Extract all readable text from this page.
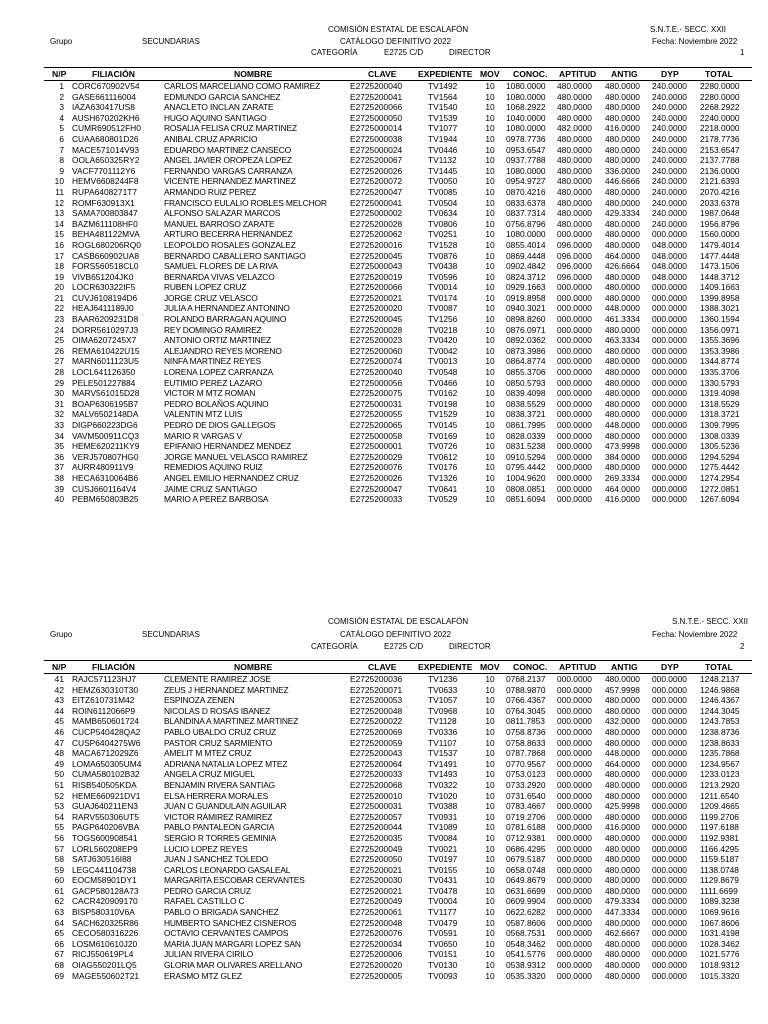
COMISIÓN ESTATAL DE ESCALAFÓN	S.N.T.E.- SECC. XXII
Grupo	SECUNDARIAS	CATÁLOGO DEFINITIVO 2022	Fecha: Noviembre 2022
CATEGORÍA	E2725 C/D	DIRECTOR	1
N/P	FILIACIÓN	NOMBRE	CLAVE	EXPEDIENTE MOV CONOC. APTITUD ANTIG	DYP	TOTAL
1 CORC670902V54	CARLOS MARCELIANO COMO RAMIREZ	E2725200040	TV1492	10 1080.0000	480.0000	480.0000	240.0000	2280.0000
2 GASE661116004	EDMUNDO GARCIA SANCHEZ	E2725200041	TV1564	10 1080.0000	480.0000	480.0000	240.0000	2280.0000
3 IAZA630417US8	ANACLETO INCLAN ZARATE	E2725200066	TV1540	10 1068.2922	480.0000	480.0000	240.0000	2268.2922
4 AUSH670202KH6	HUGO AQUINO SANTIAGO	E2725000050	TV1539	10 1040.0000	480.0000	480.0000	240.0000	2240.0000
5 CUMR690512FH0	ROSALIA FELISA CRUZ MARTINEZ	E2725000014	TV1077	10 1080.0000	482.0000	416.0000	240.0000	2218.0000
6 CUAA680801D26	ANIBAL CRUZ APARICIO	E2725000038	TV1944	10 0978.7736	480.0000	480.0000	240.0000	2178.7736
7 MACE571014V93	EDUARDO MARTINEZ CANSECO	E2725000024	TV0446	10 0953.6547	480.0000	480.0000	240.0000	2153.6547
8 OOLA650325RY2	ANGEL JAVIER OROPEZA LOPEZ	E2725200067	TV1132	10 0937.7788	480.0000	480.0000	240.0000	2137.7788
9 VACF7701112Y6	FERNANDO VARGAS CARRANZA	E2725200026	TV1445	10 1080.0000	480.0000	336.0000	240.0000	2136.0000
10 HEMV6608244F8	VICENTE HERNANDEZ MARTINEZ	E2725200072	TV0050	10 0954.9727	480.0000	446.6666	240.0000	2121.6393
11 RUPA6408271T7	ARMANDO RUIZ PEREZ	E2725200047	TV0085	10 0870.4216	480.0000	480.0000	240.0000	2070.4216
12 ROMF630913X1	FRANCISCO EULALIO ROBLES MELCHOR	E2725000041	TV0504	10 0833.6378	480.0000	480.0000	240.0000	2033.6378
13 SAMA700803847	ALFONSO SALAZAR MARCOS	E2725000002	TV0634	10 0837.7314	480.0000	429.3334	240.0000	1987.0648
14 BAZM611108HF0	MANUEL BARROSO ZARATE	E2725200028	TV0806	10 0756.8796	480.0000	480.0000	240.0000	1956.8796
15 BEHA481122MVA	ARTURO BECERRA HERNANDEZ	E2725200062	TV0251	10 1080.0000	000.0000	480.0000	000.0000	1560.0000
16 ROGL680206RQ0	LEOPOLDO ROSALES GONZALEZ	E2725200016	TV1528	10 0855.4014	096.0000	480.0000	048.0000	1479.4014
17 CASB660902UA8	BERNARDO CABALLERO SANTIAGO	E2725200045	TV0876	10 0869.4448	096.0000	464.0000	048.0000	1477.4448
18 FORS560518CL0	SAMUEL FLORES DE LA RIVA	E2725000043	TV0438	10 0902.4842	096.0000	426.6664	048.0000	1473.1506
19 VIVB651204JK0	BERNARDA VIVAS VELAZCO	E2725200019	TV0596	10 0824.3712	096.0000	480.0000	048.0000	1448.3712
20 LOCR630322IF5	RUBEN LOPEZ CRUZ	E2725200066	TV0014	10 0929.1663	000.0000	480.0000	000.0000	1409.1663
21 CUVJ6108194D6	JORGE CRUZ VELASCO	E2725200021	TV0174	10 0919.8958	000.0000	480.0000	000.0000	1399.8958
22 HEAJ6411189J0	JULIA A HERNANDEZ ANTONINO	E2725200020	TV0087	10 0940.3021	000.0000	448.0000	000.0000	1388.3021
23 BAAR6209231D8	ROLANDO BARRAGAN AQUINO	E2725200045	TV1256	10 0898.8260	000.0000	461.3334	000.0000	1360.1594
24 DORR5610297J3	REY DOMINGO RAMIREZ	E2725200028	TV0218	10 0876.0971	000.0000	480.0000	000.0000	1356.0971
25 OIMA6207245X7	ANTONIO ORTIZ MARTINEZ	E2725200023	TV0420	10 0892.0362	000.0000	463.3334	000.0000	1355.3696
26 REMA610422U15	ALEJANDRO REYES MORENO	E2725200060	TV0042	10 0873.3986	000.0000	480.0000	000.0000	1353.3986
27 MARN6011123U5	NINFA MARTINEZ REYES	E2725200074	TV0013	10 0864.8774	000.0000	480.0000	000.0000	1344.8774
28 LOCL641126350	LORENA LOPEZ CARRANZA	E2725200040	TV0548	10 0855.3706	000.0000	480.0000	000.0000	1335.3706
29 PELE501227884	EUTIMIO PEREZ LAZARO	E2725000056	TV0466	10 0850.5793	000.0000	480.0000	000.0000	1330.5793
30 MARV561015D28	VICTOR M MTZ ROMAN	E2725200075	TV0162	10 0839.4098	000.0000	480.0000	000.0000	1319.4098
31 BOAP6306195B7	PEDRO BOLAÑOS AQUINO	E2725000031	TV0198	10 0838.5529	000.0000	480.0000	000.0000	1318.5529
32 MALV6502148DA	VALENTIN MTZ LUIS	E2725200055	TV1529	10 0838.3721	000.0000	480.0000	000.0000	1318.3721
33 DIGP660223DG6	PEDRO DE DIOS GALLEGOS	E2725200065	TV0145	10 0861.7995	000.0000	448.0000	000.0000	1309.7995
34 VAVM500911CQ3	MARIO R VARGAS V	E2725000058	TV0169	10 0828.0339	000.0000	480.0000	000.0000	1308.0339
35 HEME620211KY9	EPIFANIO HERNANDEZ MENDEZ	E2725000001	TV0726	10 0831.5238	000.0000	473.9998	000.0000	1305.5236
36 VERJ570807HG0	JORGE MANUEL VELASCO RAMIREZ	E2725200029	TV0612	10 0910.5294	000.0000	384.0000	000.0000	1294.5294
37 AURR480911V9	REMEDIOS AQUINO RUIZ	E2725200076	TV0176	10 0795.4442	000.0000	480.0000	000.0000	1275.4442
38 HECA6310064B6	ANGEL EMILIO HERNANDEZ CRUZ	E2725200026	TV1326	10 1004.9620	000.0000	269.3334	000.0000	1274.2954
39 CUSJ6601164V4	JAIME CRUZ SANTIAGO	E2725200047	TV0641	10 0808.0851	000.0000	464.0000	000.0000	1272.0851
40 PEBM650803B25	MARIO A PEREZ BARBOSA	E2725200033	TV0529	10 0851.6094	000.0000	416.0000	000.0000	1267.6094
COMISIÓN ESTATAL DE ESCALAFÓN	S.N.T.E.- SECC. XXII
Grupo	SECUNDARIAS	CATÁLOGO DEFINITIVO 2022	Fecha: Noviembre 2022
CATEGORÍA	E2725 C/D	DIRECTOR	2
N/P	FILIACIÓN	NOMBRE	CLAVE	EXPEDIENTE MOV CONOC. APTITUD ANTIG	DYP	TOTAL
41 RAJC571123HJ7	CLEMENTE RAMIREZ JOSE	E2725200036	TV1236	10 0768.2137	000.0000	480.0000	000.0000	1248.2137
42 HEMZ630310T30	ZEUS J HERNANDEZ MARTINEZ	E2725200071	TV0633	10 0788.9870	000.0000	457.9998	000.0000	1246.9868
43 EITZ610731M42	ESPINOZA ZENEN	E2725200053	TV1057	10 0766.4367	000.0000	480.0000	000.0000	1246.4367
44 ROIN6112066P9	NICOLAS D ROSAS IBANEZ	E2725200048	TV0968	10 0764.3045	000.0000	480.0000	000.0000	1244.3045
45 MAMB650601724	BLANDINA A MARTINEZ MARTINEZ	E2725200022	TV1128	10 0811.7853	000.0000	432.0000	000.0000	1243.7853
46 CUCP540428QA2	PABLO UBALDO CRUZ CRUZ	E2725200069	TV0336	10 0758.8736	000.0000	480.0000	000.0000	1238.8736
47 CUSP6404275W6	PASTOR CRUZ SARMIENTO	E2725200059	TV1107	10 0758.8633	000.0000	480.0000	000.0000	1238.8633
48 MACA6712029Z6	AMELIT M MTEZ CRUZ	E2725200043	TV1537	10 0787.7868	000.0000	448.0000	000.0000	1235.7868
49 LOMA650305UM4	ADRIANA NATALIA LOPEZ MTEZ	E2725200064	TV1491	10 0770.9567	000.0000	464.0000	000.0000	1234.9567
50 CUMA580102B32	ANGELA CRUZ MIGUEL	E2725200033	TV1493	10 0753.0123	000.0000	480.0000	000.0000	1233.0123
51 RISB540505KDA	BENJAMIN RIVERA SANTIAG	E2725200068	TV0322	10 0733.2920	000.0000	480.0000	000.0000	1213.2920
52 HEME660921DV1	ELSA HERRERA MORALES	E2725200010	TV1020	10 0731.6540	000.0000	480.0000	000.0000	1211.6540
53 GUAJ640211EN3	JUAN C GUANDULAIN AGUILAR	E2725000031	TV0388	10 0783.4667	000.0000	425.9998	000.0000	1209.4665
54 RARV550306UT5	VICTOR RAMIREZ RAMIREZ	E2725200057	TV0931	10 0719.2706	000.0000	480.0000	000.0000	1199.2706
55 PAGP640206VBA	PABLO PANTALEON GARCIA	E2725200044	TV1089	10 0781.6188	000.0000	416.0000	000.0000	1197.6188
56 TOGS600908541	SERGIO R TORRES GEMINIA	E2725200035	TV0084	10 0712.9381	000.0000	480.0000	000.0000	1192.9381
57 LORL560208EP9	LUCIO LOPEZ REYES	E2725200049	TV0021	10 0686.4295	000.0000	480.0000	000.0000	1166.4295
58 SATJ630516I88	JUAN J SANCHEZ TOLEDO	E2725200050	TV0197	10 0679.5187	000.0000	480.0000	000.0000	1159.5187
59 LEGC441104738	CARLOS LEONARDO GASALEAL	E2725200021	TV0155	10 0658.0748	000.0000	480.0000	000.0000	1138.0748
60 EOCM58901DY1	MARGARITA ESCOBAR CERVANTES	E2725200030	TV0431	10 0649.8679	000.0000	480.0000	000.0000	1129.8679
61 GACP580128A73	PEDRO GARCIA CRUZ	E2725200021	TV0478	10 0631.6699	000.0000	480.0000	000.0000	1111.6699
62 CACR420909170	RAFAEL CASTILLO C	E2725200049	TV0004	10 0609.9904	000.0000	479.3334	000.0000	1089.3238
63 BISP580310V6A	PABLO O BRIGADA SANCHEZ	E2725200061	TV1177	10 0622.6282	000.0000	447.3334	000.0000	1069.9616
64 SACH620325R86	HUMBERTO SANCHEZ CISNEROS	E2725200048	TV0479	10 0587.8606	000.0000	480.0000	000.0000	1067.8606
65 CECO580316226	OCTAVIO CERVANTES CAMPOS	E2725200076	TV0591	10 0568.7531	000.0000	462.6667	000.0000	1031.4198
66 LOSM610610J20	MARIA JUAN MARGARI LOPEZ SAN	E2725200034	TV0650	10 0548.3462	000.0000	480.0000	000.0000	1028.3462
67 RICJ550619PL4	JULIAN RIVERA CIRILO	E2725200006	TV0151	10 0541.5776	000.0000	480.0000	000.0000	1021.5776
68 OIAG550201LQ5	GLORIA MAR OLIVARES ARELLANO	E2725200020	TV0130	10 0538.9312	000.0000	480.0000	000.0000	1018.9312
69 MAGE550602T21	ERASMO MTZ GLEZ	E2725200005	TV0093	10 0535.3320	000.0000	480.0000	000.0000	1015.3320
